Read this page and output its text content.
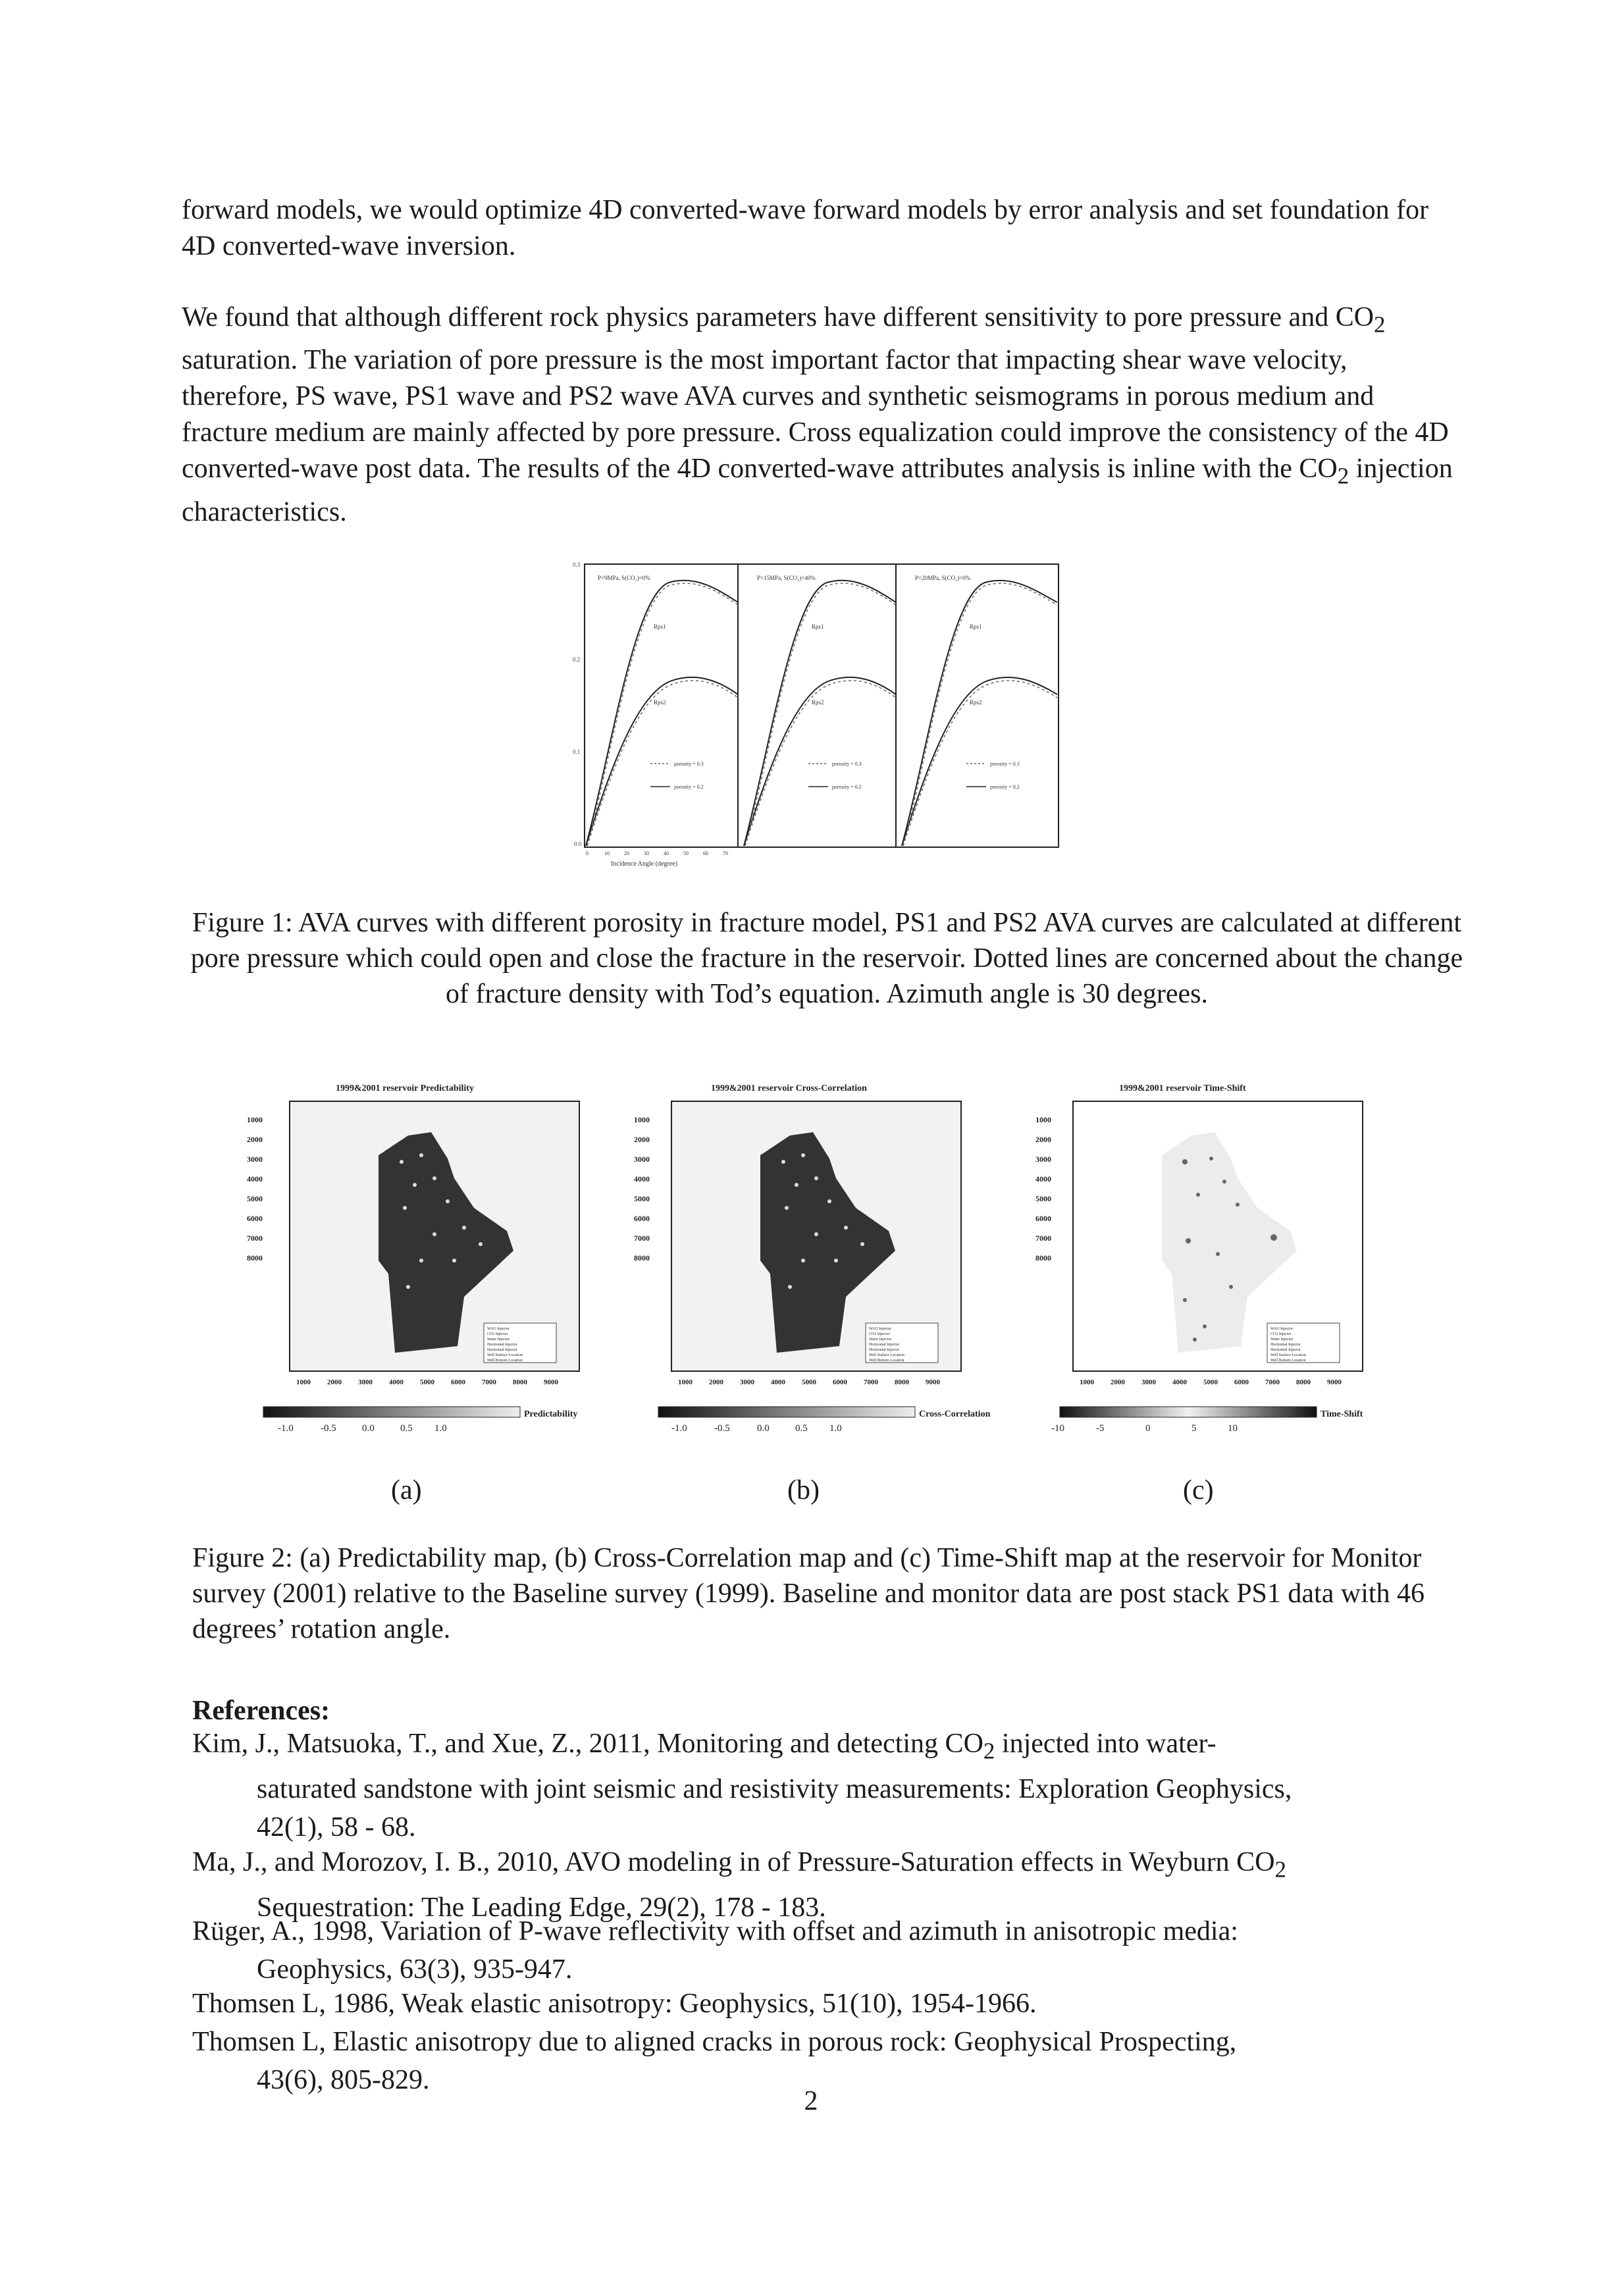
forward models, we would optimize 4D converted-wave forward models by error analysis and set foundation for 4D converted-wave inversion.

We found that although different rock physics parameters have different sensitivity to pore pressure and $CO_2$ saturation. The variation of pore pressure is the most important factor that impacting shear wave velocity, therefore, PS wave, PS1 wave and PS2 wave AVA curves and synthetic seismograms in porous medium and fracture medium are mainly affected by pore pressure. Cross equalization could improve the consistency of the 4D converted-wave post data. The results of the 4D converted-wave attributes analysis is inline with the $CO_2$ injection characteristics.

0.3
0.2
0.1
0.0
P=9MPa, S(CO₂)=0%	P=15MPa, S(CO₂)=40%	P=20MPa, S(CO₂)=0%
Rps1	Rps1	Rps1
Rps2	Rps2	Rps2
porosity = 0.3
porosity = 0.2
porosity = 0.3
porosity = 0.2
porosity = 0.3
porosity = 0.2
0	10	20	30	40	50	60	70
Incidence Angle (degree)

Figure 1: AVA curves with different porosity in fracture model, PS1 and PS2 AVA curves are calculated at different pore pressure which could open and close the fracture in the reservoir. Dotted lines are concerned about the change of fracture density with Tod’s equation. Azimuth angle is 30 degrees.

1999&2001 reservoir Predictability	1999&2001 reservoir Cross-Correlation	1999&2001 reservoir Time-Shift
1000
2000
3000
4000
5000
6000
7000
8000
1000
2000
3000
4000
5000
6000
7000
8000
1000
2000
3000
4000
5000
6000
7000
8000
1000 2000 3000 4000 5000 6000 7000 8000 9000	1000 2000 3000 4000 5000 6000 7000 8000 9000	1000 2000 3000 4000 5000 6000 7000 8000 9000
WAG Injector
CO2 Injector
Water Injector
Horizontal Injector
Horizontal Injector
Well Surface Location
Well Bottom Location
WAG Injector
CO2 Injector
Water Injector
Horizontal Injector
Horizontal Injector
Well Surface Location
Well Bottom Location
WAG Injector
CO2 Injector
Water Injector
Horizontal Injector
Horizontal Injector
Well Surface Location
Well Bottom Location
Predictability	Cross-Correlation	Time-Shift
-1.0	-0.5	0.0	0.5 1.0	-1.0	-0.5	0.0	0.5 1.0	-10	-5	0	5	10
(a)	(b)	(c)

Figure 2: (a) Predictability map, (b) Cross-Correlation map and (c) Time-Shift map at the reservoir for Monitor survey (2001) relative to the Baseline survey (1999). Baseline and monitor data are post stack PS1 data with 46 degrees’ rotation angle.

References:

Kim, J., Matsuoka, T., and Xue, Z., 2011, Monitoring and detecting $CO_2$ injected into water-
saturated sandstone with joint seismic and resistivity measurements: Exploration Geophysics,
42(1), 58 - 68.

Ma, J., and Morozov, I. B., 2010, AVO modeling in of Pressure-Saturation effects in Weyburn $CO_2$
Sequestration: The Leading Edge, 29(2), 178 - 183.

Rüger, A., 1998, Variation of P-wave reflectivity with offset and azimuth in anisotropic media:
Geophysics, 63(3), 935-947.

Thomsen L, 1986, Weak elastic anisotropy: Geophysics, 51(10), 1954-1966.

Thomsen L, Elastic anisotropy due to aligned cracks in porous rock: Geophysical Prospecting,
43(6), 805-829.

2
